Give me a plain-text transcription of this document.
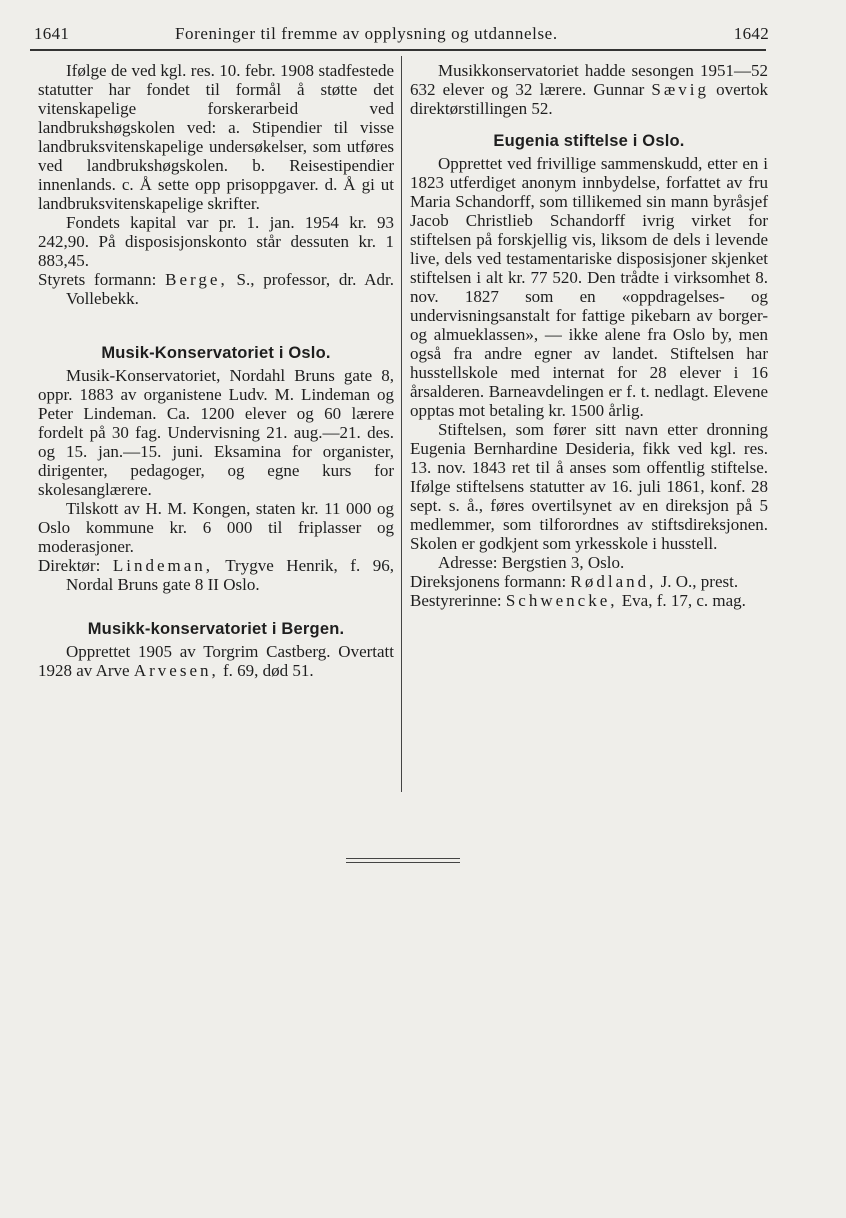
1641	Foreninger til fremme av opplysning og utdannelse.	1642

Ifølge de ved kgl. res. 10. febr. 1908 stadfestede statutter har fondet til formål å støtte det vitenskapelige forskerarbeid ved landbrukshøgskolen ved: a. Stipendier til visse landbruksvitenskapelige undersøkelser, som utføres ved landbrukshøgskolen. b. Reisestipendier innenlands. c. Å sette opp prisoppgaver. d. Å gi ut landbruksvitenskapelige skrifter.

Fondets kapital var pr. 1. jan. 1954 kr. 93 242,90. På disposisjonskonto står dessuten kr. 1 883,45.

Styrets formann: Berge, S., professor, dr. Adr. Vollebekk.

Musik-Konservatoriet i Oslo.

Musik-Konservatoriet, Nordahl Bruns gate 8, oppr. 1883 av organistene Ludv. M. Lindeman og Peter Lindeman. Ca. 1200 elever og 60 lærere fordelt på 30 fag. Undervisning 21. aug.—21. des. og 15. jan.—15. juni. Eksamina for organister, dirigenter, pedagoger, og egne kurs for skolesanglærere.

Tilskott av H. M. Kongen, staten kr. 11 000 og Oslo kommune kr. 6 000 til friplasser og moderasjoner.

Direktør: Lindeman, Trygve Henrik, f. 96, Nordal Bruns gate 8 II Oslo.

Musikk-konservatoriet i Bergen.

Opprettet 1905 av Torgrim Castberg. Overtatt 1928 av Arve Arvesen, f. 69, død 51.

Musikkonservatoriet hadde sesongen 1951—52 632 elever og 32 lærere. Gunnar Sævig overtok direktørstillingen 52.

Eugenia stiftelse i Oslo.

Opprettet ved frivillige sammenskudd, etter en i 1823 utferdiget anonym innbydelse, forfattet av fru Maria Schandorff, som tillikemed sin mann byråsjef Jacob Christlieb Schandorff ivrig virket for stiftelsen på forskjellig vis, liksom de dels i levende live, dels ved testamentariske disposisjoner skjenket stiftelsen i alt kr. 77 520. Den trådte i virksomhet 8. nov. 1827 som en «oppdragelses- og undervisningsanstalt for fattige pikebarn av borger- og almueklassen», — ikke alene fra Oslo by, men også fra andre egner av landet. Stiftelsen har husstellskole med internat for 28 elever i 16 årsalderen. Barneavdelingen er f. t. nedlagt. Elevene opptas mot betaling kr. 1500 årlig.

Stiftelsen, som fører sitt navn etter dronning Eugenia Bernhardine Desideria, fikk ved kgl. res. 13. nov. 1843 ret til å anses som offentlig stiftelse. Ifølge stiftelsens statutter av 16. juli 1861, konf. 28 sept. s. å., føres overtilsynet av en direksjon på 5 medlemmer, som tilforordnes av stiftsdireksjonen. Skolen er godkjent som yrkesskole i husstell.

Adresse: Bergstien 3, Oslo.

Direksjonens formann: Rødland, J. O., prest.

Bestyrerinne: Schwencke, Eva, f. 17, c. mag.
